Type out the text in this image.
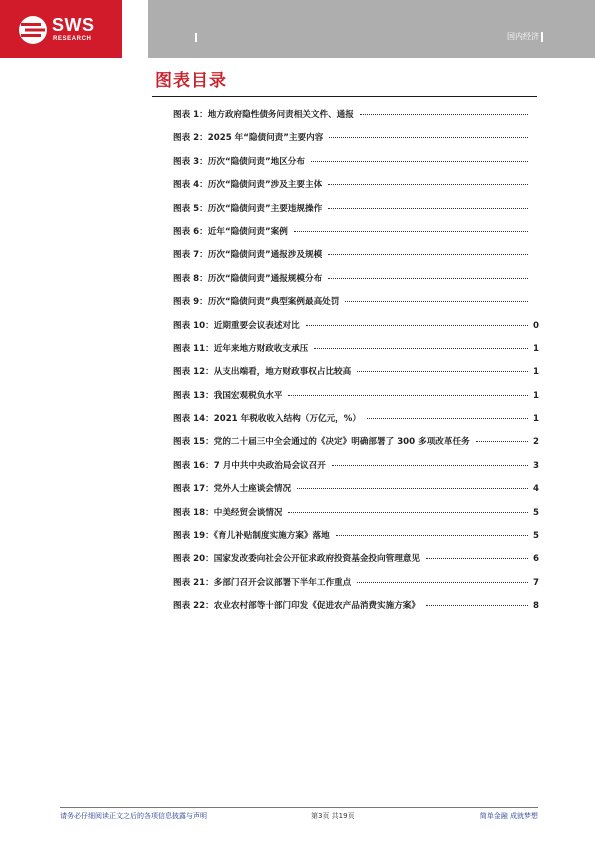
SWS
RESEARCH	国内经济
图表目录
图表 1：地方政府隐性债务问责相关文件、通报
图表 2：2025 年“隐债问责”主要内容
图表 3：历次“隐债问责”地区分布
图表 4：历次“隐债问责”涉及主要主体
图表 5：历次“隐债问责”主要违规操作
图表 6：近年“隐债问责”案例
图表 7：历次“隐债问责”通报涉及规模
图表 8：历次“隐债问责”通报规模分布
图表 9：历次“隐债问责”典型案例最高处罚
图表 10：近期重要会议表述对比	0
图表 11：近年来地方财政收支承压	1
图表 12：从支出端看，地方财政事权占比较高	1
图表 13：我国宏观税负水平	1
图表 14：2021 年税收收入结构（万亿元，%）	1
图表 15：党的二十届三中全会通过的《决定》明确部署了 300 多项改革任务	2
图表 16：7 月中共中央政治局会议召开	3
图表 17：党外人士座谈会情况	4
图表 18：中美经贸会谈情况	5
图表 19：《育儿补贴制度实施方案》落地	5
图表 20：国家发改委向社会公开征求政府投资基金投向管理意见	6
图表 21：多部门召开会议部署下半年工作重点	7
图表 22：农业农村部等十部门印发《促进农产品消费实施方案》	8
请务必仔细阅读正文之后的各项信息披露与声明	第3页 共19页	简单金融 成就梦想
